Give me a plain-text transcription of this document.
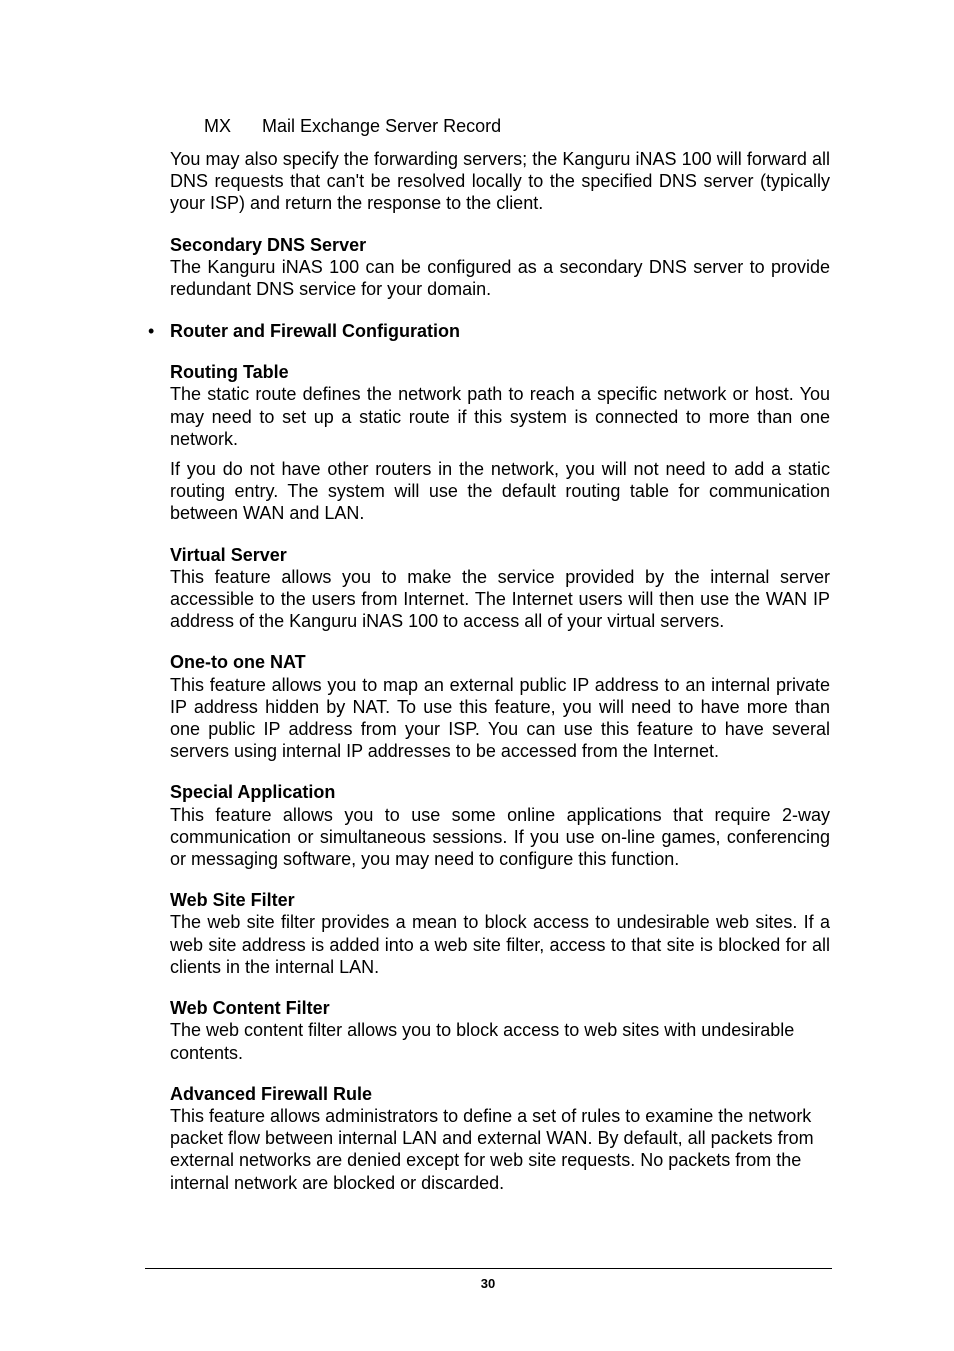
MX Mail Exchange Server Record

You may also specify the forwarding servers; the Kanguru iNAS 100 will forward all DNS requests that can't be resolved locally to the specified DNS server (typically your ISP) and return the response to the client.

Secondary DNS Server

The Kanguru iNAS 100 can be configured as a secondary DNS server to provide redundant DNS service for your domain.

• Router and Firewall Configuration
Routing Table

The static route defines the network path to reach a specific network or host. You may need to set up a static route if this system is connected to more than one network.

If you do not have other routers in the network, you will not need to add a static routing entry. The system will use the default routing table for communication between WAN and LAN.

Virtual Server

This feature allows you to make the service provided by the internal server accessible to the users from Internet. The Internet users will then use the WAN IP address of the Kanguru iNAS 100 to access all of your virtual servers.

One-to one NAT

This feature allows you to map an external public IP address to an internal private IP address hidden by NAT. To use this feature, you will need to have more than one public IP address from your ISP. You can use this feature to have several servers using internal IP addresses to be accessed from the Internet.

Special Application

This feature allows you to use some online applications that require 2-way communication or simultaneous sessions. If you use on-line games, conferencing or messaging software, you may need to configure this function.

Web Site Filter

The web site filter provides a mean to block access to undesirable web sites. If a web site address is added into a web site filter, access to that site is blocked for all clients in the internal LAN.

Web Content Filter

The web content filter allows you to block access to web sites with undesirable contents.

Advanced Firewall Rule

This feature allows administrators to define a set of rules to examine the network packet flow between internal LAN and external WAN. By default, all packets from external networks are denied except for web site requests. No packets from the internal network are blocked or discarded.

30
